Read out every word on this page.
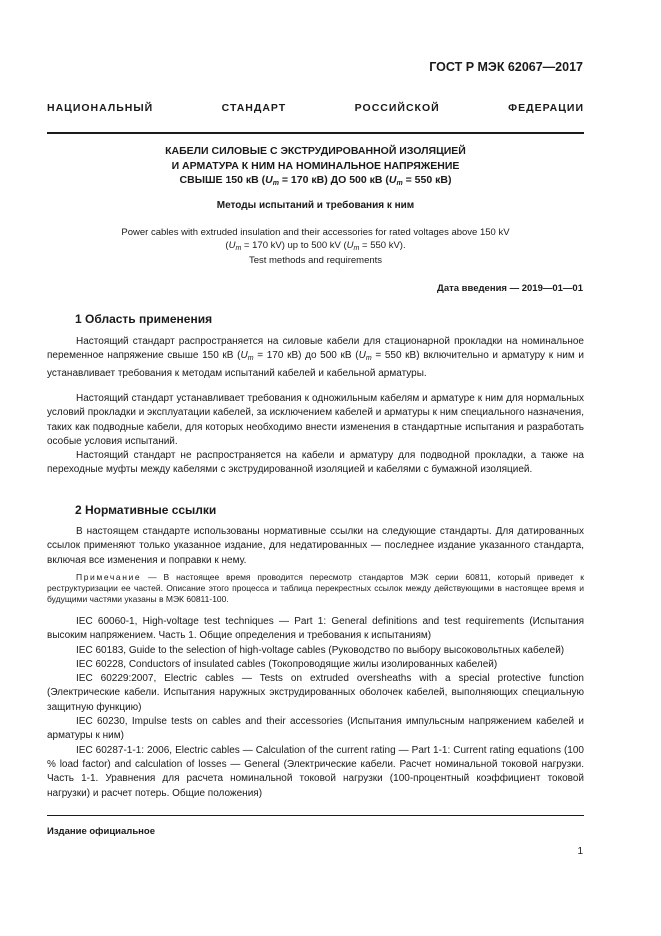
ГОСТ Р МЭК 62067—2017
НАЦИОНАЛЬНЫЙ СТАНДАРТ РОССИЙСКОЙ ФЕДЕРАЦИИ
КАБЕЛИ СИЛОВЫЕ С ЭКСТРУДИРОВАННОЙ ИЗОЛЯЦИЕЙ
И АРМАТУРА К НИМ НА НОМИНАЛЬНОЕ НАПРЯЖЕНИЕ
СВЫШЕ 150 кВ ($U_m = 170$ кВ) ДО 500 кВ ($U_m = 550$ кВ)
Методы испытаний и требования к ним
Power cables with extruded insulation and their accessories for rated voltages above 150 kV
($U_m = 170$ kV) up to 500 kV ($U_m = 550$ kV).
Test methods and requirements
Дата введения — 2019—01—01
1 Область применения
Настоящий стандарт распространяется на силовые кабели для стационарной прокладки на номинальное переменное напряжение свыше 150 кВ ($U_m = 170$ кВ) до 500 кВ ($U_m = 550$ кВ) включительно и арматуру к ним и устанавливает требования к методам испытаний кабелей и кабельной арматуры.
Настоящий стандарт устанавливает требования к одножильным кабелям и арматуре к ним для нормальных условий прокладки и эксплуатации кабелей, за исключением кабелей и арматуры к ним специального назначения, таких как подводные кабели, для которых необходимо внести изменения в стандартные испытания и разработать особые условия испытаний.
Настоящий стандарт не распространяется на кабели и арматуру для подводной прокладки, а также на переходные муфты между кабелями с экструдированной изоляцией и кабелями с бумажной изоляцией.
2 Нормативные ссылки
В настоящем стандарте использованы нормативные ссылки на следующие стандарты. Для датированных ссылок применяют только указанное издание, для недатированных — последнее издание указанного стандарта, включая все изменения и поправки к нему.
Примечание — В настоящее время проводится пересмотр стандартов МЭК серии 60811, который приведет к реструктуризации ее частей. Описание этого процесса и таблица перекрестных ссылок между действующими в настоящее время и будущими частями указаны в МЭК 60811-100.
IEC 60060-1, High-voltage test techniques — Part 1: General definitions and test requirements (Испытания высоким напряжением. Часть 1. Общие определения и требования к испытаниям)
IEC 60183, Guide to the selection of high-voltage cables (Руководство по выбору высоковольтных кабелей)
IEC 60228, Conductors of insulated cables (Токопроводящие жилы изолированных кабелей)
IEC 60229:2007, Electric cables — Tests on extruded oversheaths with a special protective function (Электрические кабели. Испытания наружных экструдированных оболочек кабелей, выполняющих специальную защитную функцию)
IEC 60230, Impulse tests on cables and their accessories (Испытания импульсным напряжением кабелей и арматуры к ним)
IEC 60287-1-1: 2006, Electric cables — Calculation of the current rating — Part 1-1: Current rating equations (100 % load factor) and calculation of losses — General (Электрические кабели. Расчет номинальной токовой нагрузки. Часть 1-1. Уравнения для расчета номинальной токовой нагрузки (100-процентный коэффициент токовой нагрузки) и расчет потерь. Общие положения)
Издание официальное
1
